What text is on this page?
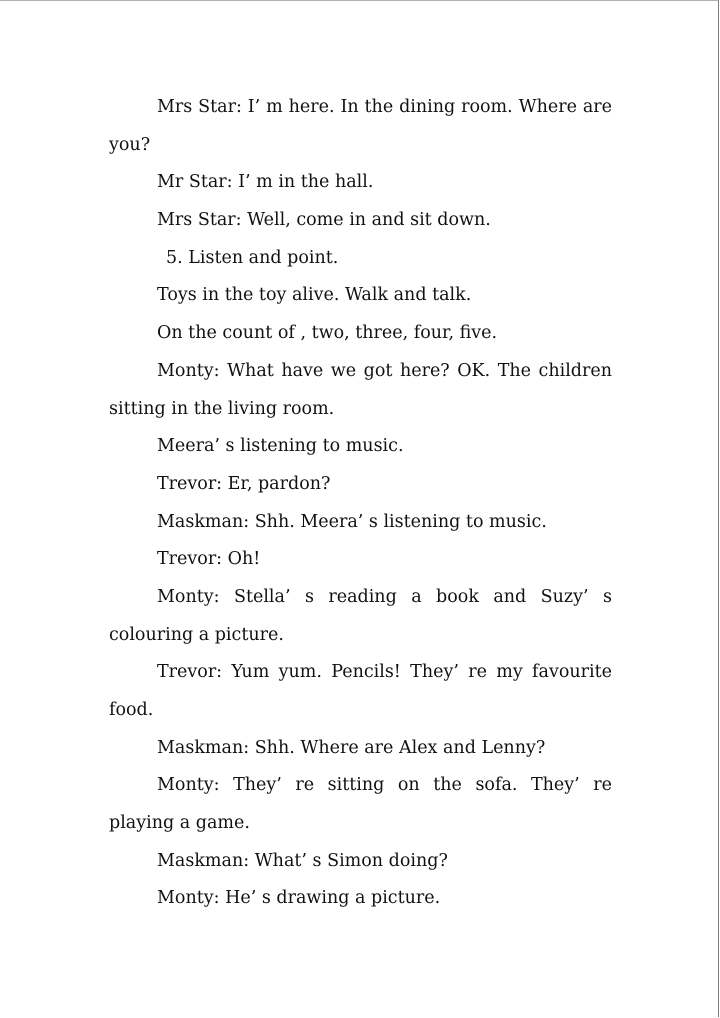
Mrs Star: I’ m here. In the dining room. Where are
you?
Mr Star: I’ m in the hall.
Mrs Star: Well, come in and sit down.
5. Listen and point.
Toys in the toy alive. Walk and talk.
On the count of , two, three, four, five.
Monty: What have we got here? OK. The children
sitting in the living room.
Meera’ s listening to music.
Trevor: Er, pardon?
Maskman: Shh. Meera’ s listening to music.
Trevor: Oh!
Monty: Stella’ s reading a book and Suzy’ s
colouring a picture.
Trevor: Yum yum. Pencils! They’ re my favourite
food.
Maskman: Shh. Where are Alex and Lenny?
Monty: They’ re sitting on the sofa. They’ re
playing a game.
Maskman: What’ s Simon doing?
Monty: He’ s drawing a picture.
